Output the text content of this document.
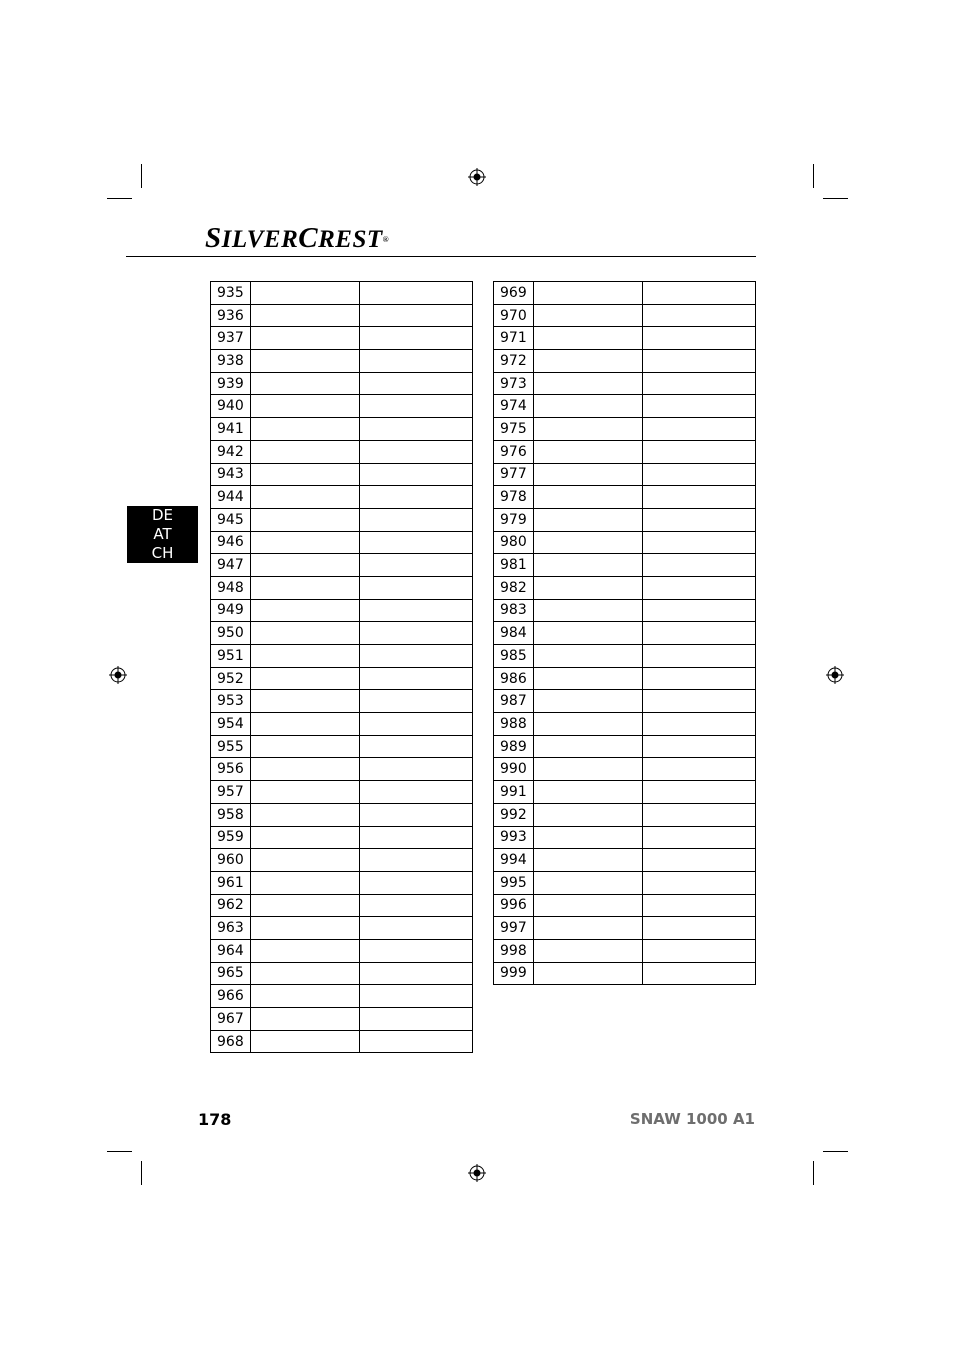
SILVERCREST®
DE
AT
CH
935		
936		
937		
938		
939		
940		
941		
942		
943		
944		
945		
946		
947		
948		
949		
950		
951		
952		
953		
954		
955		
956		
957		
958		
959		
960		
961		
962		
963		
964		
965		
966		
967		
968		
969		
970		
971		
972		
973		
974		
975		
976		
977		
978		
979		
980		
981		
982		
983		
984		
985		
986		
987		
988		
989		
990		
991		
992		
993		
994		
995		
996		
997		
998		
999		
178	SNAW 1000 A1
